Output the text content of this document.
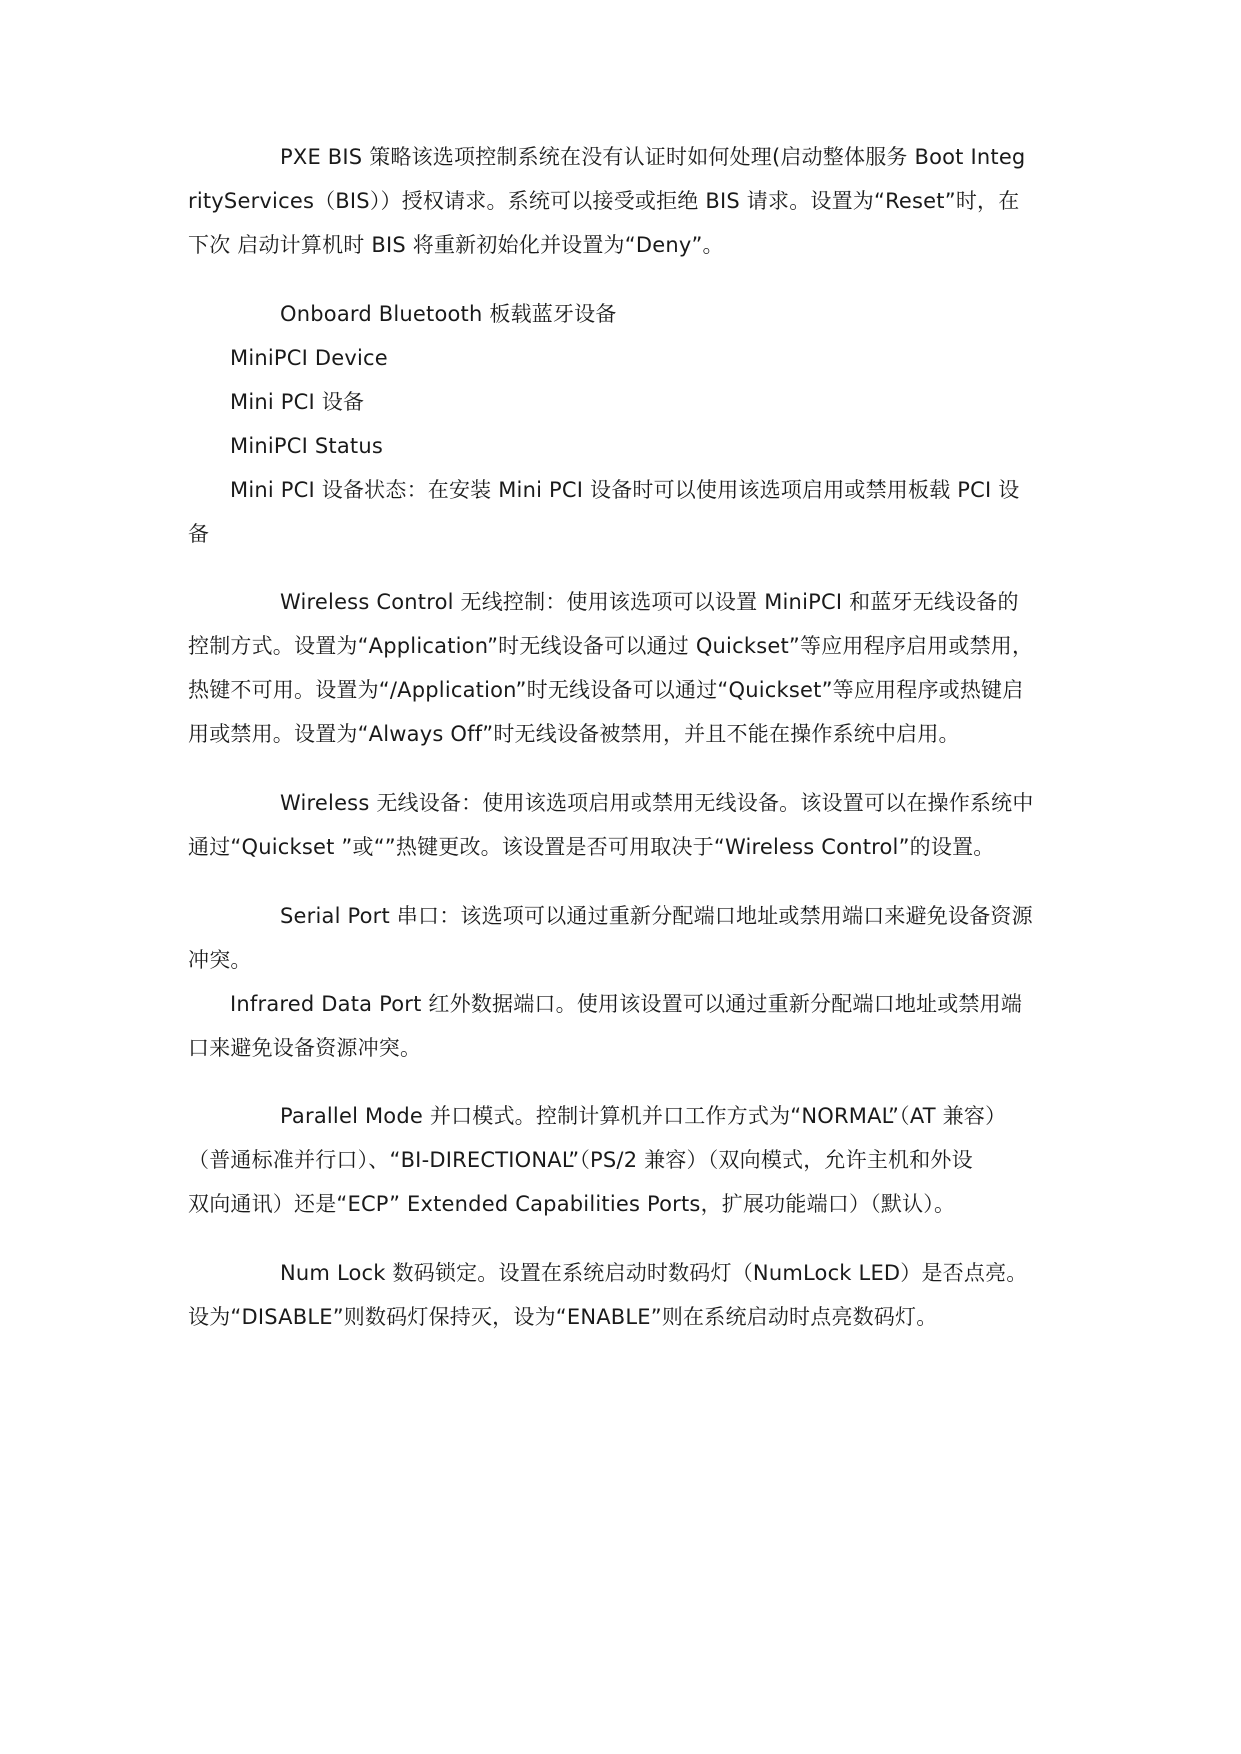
PXE BIS 策略该选项控制系统在没有认证时如何处理(启动整体服务 Boot Integ
rityServices（BIS））授权请求。系统可以接受或拒绝 BIS 请求。设置为“Reset”时，在
下次 启动计算机时 BIS 将重新初始化并设置为“Deny”。
Onboard Bluetooth 板载蓝牙设备
MiniPCI Device
Mini PCI 设备
MiniPCI Status
Mini PCI 设备状态：在安装 Mini PCI 设备时可以使用该选项启用或禁用板载 PCI 设
备
Wireless Control 无线控制：使用该选项可以设置 MiniPCI 和蓝牙无线设备的
控制方式。设置为“Application”时无线设备可以通过 Quickset”等应用程序启用或禁用，
热键不可用。设置为“/Application”时无线设备可以通过“Quickset”等应用程序或热键启
用或禁用。设置为“Always Off”时无线设备被禁用，并且不能在操作系统中启用。
Wireless 无线设备：使用该选项启用或禁用无线设备。该设置可以在操作系统中
通过“Quickset ”或“”热键更改。该设置是否可用取决于“Wireless Control”的设置。
Serial Port 串口：该选项可以通过重新分配端口地址或禁用端口来避免设备资源
冲突。
Infrared Data Port 红外数据端口。使用该设置可以通过重新分配端口地址或禁用端
口来避免设备资源冲突。
Parallel Mode 并口模式。控制计算机并口工作方式为“NORMAL”（AT 兼容）
（普通标准并行口）、“BI-DIRECTIONAL”（PS/2 兼容）（双向模式，允许主机和外设
双向通讯）还是“ECP” Extended Capabilities Ports，扩展功能端口）（默认）。
Num Lock 数码锁定。设置在系统启动时数码灯（NumLock LED）是否点亮。
设为“DISABLE”则数码灯保持灭，设为“ENABLE”则在系统启动时点亮数码灯。
